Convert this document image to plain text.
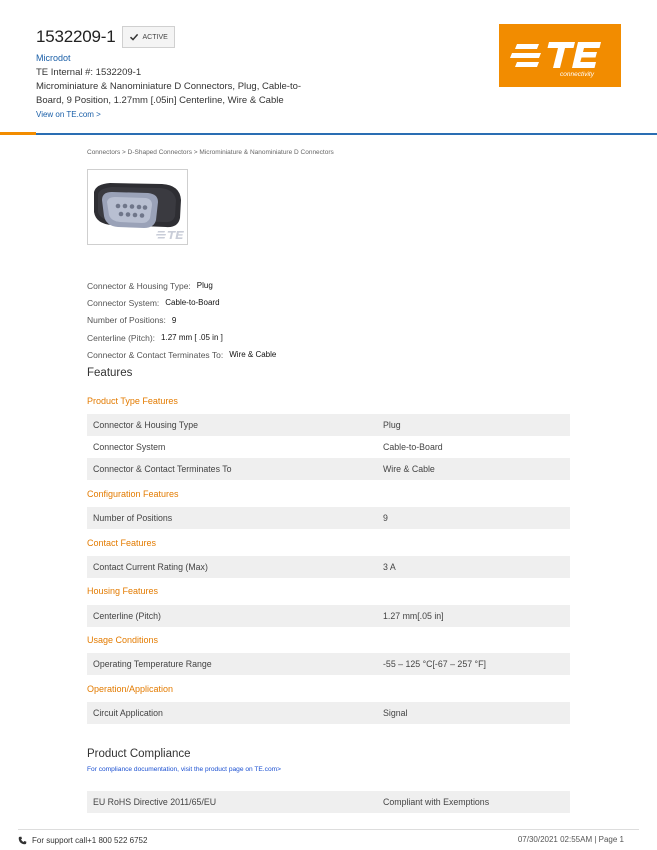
1532209-1	ACTIVE
Microdot
TE Internal #: 1532209-1
Microminiature & Nanominiature D Connectors, Plug, Cable-to-Board, 9 Position, 1.27mm [.05in] Centerline, Wire & Cable
View on TE.com >
connectivity
Connectors > D-Shaped Connectors > Microminiature & Nanominiature D Connectors
Connector & Housing Type: Plug
Connector System: Cable-to-Board
Number of Positions: 9
Centerline (Pitch): 1.27 mm [ .05 in ]
Connector & Contact Terminates To: Wire & Cable
Features
Product Type Features
Connector & Housing Type	Plug
Connector System	Cable-to-Board
Connector & Contact Terminates To	Wire & Cable
Configuration Features
Number of Positions	9
Contact Features
Contact Current Rating (Max)	3 A
Housing Features
Centerline (Pitch)	1.27 mm[.05 in]
Usage Conditions
Operating Temperature Range	-55 – 125 °C[-67 – 257 °F]
Operation/Application
Circuit Application	Signal
Product Compliance
For compliance documentation, visit the product page on TE.com>
EU RoHS Directive 2011/65/EU	Compliant with Exemptions
For support call+1 800 522 6752	07/30/2021 02:55AM | Page 1
